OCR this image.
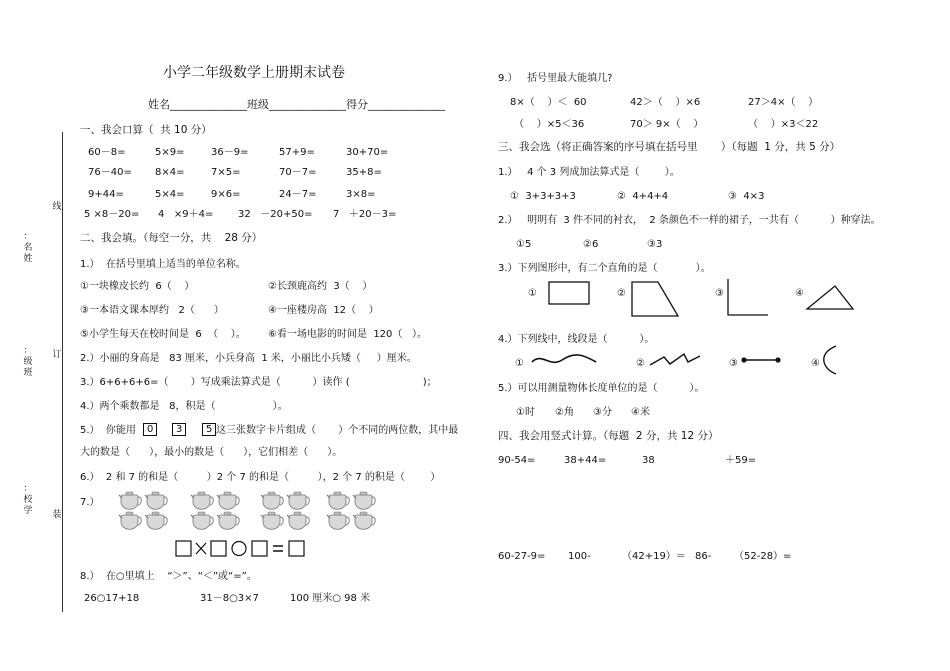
线
订
装
：名姓
：级班
：校学
小学二年级数学上册期末试卷
姓名______________班级______________得分______________
一、我会口算（  共 10 分）
60－8=	5×9=	36－9=	57+9=	30+70=
76－40= 8×4=	7×5=	70－7=	35+8=
9+44=	5×4=	9×6=	24－7=	3×8=
5 ×8－20= 4   ×9＋4= 32   －20+50= 7   ＋20－3=
二、我会填。（每空一分，共    28 分）
1.）  在括号里填上适当的单位名称。
①一块橡皮长约  6（    ）	②长颈鹿高约  3（    ）
③一本语文课本厚约   2（      ）	④一座楼房高  12（    ）
⑤小学生每天在校时间是  6  （    ）。 ⑥看一场电影的时间是  120（   ）。
2.）小丽的身高是   83 厘米，小兵身高  1 米，小丽比小兵矮（     ）厘米。
3.）6+6+6+6=（       ）写成乘法算式是（          ）读作 (                       )；
4.）两个乘数都是   8，积是（                  ）。
5.）  你能用	0	3	5 这三张数字卡片组成（       ）个不同的两位数，其中最
大的数是（      ），最小的数是（      ），它们相差（      ）。
6.）  2 和 7 的和是（         ）2 个 7 的和是（         ），2 个 7 的积是（        ）
7.）
8.）  在○里填上    “＞”、“＜”或“=”。
26○17+18	31－8○3×7	100 厘米○ 98 米
9.）   括号里最大能填几?
8×（    ）＜  60	42＞（    ）×6	27＞4×（    ）
（    ）×5＜36	70＞ 9×（    ）	（    ）×3＜22
三、我会选（将正确答案的序号填在括号里       ）（每题  1 分，共 5 分）
1.）   4 个 3 列成加法算式是（        ）。
①  3+3+3+3	②  4+4+4	③  4×3
2.）   明明有  3 件不同的衬衣，  2 条颜色不一样的裙子，一共有（          ）种穿法。
①5	②6	③3
3.）下列图形中，有二个直角的是（            ）。
①	②	③	④
4.）下列线中，线段是（          ）。
①	②	③	④
5.）可以用测量物体长度单位的是（          ）。
①时 ②角 ③分 ④米
四、我会用竖式计算。（每题  2 分，共 12 分）
90-54=	38+44=	38	＋59=
60-27-9= 100-	（42+19）＝ 86- （52-28）=
